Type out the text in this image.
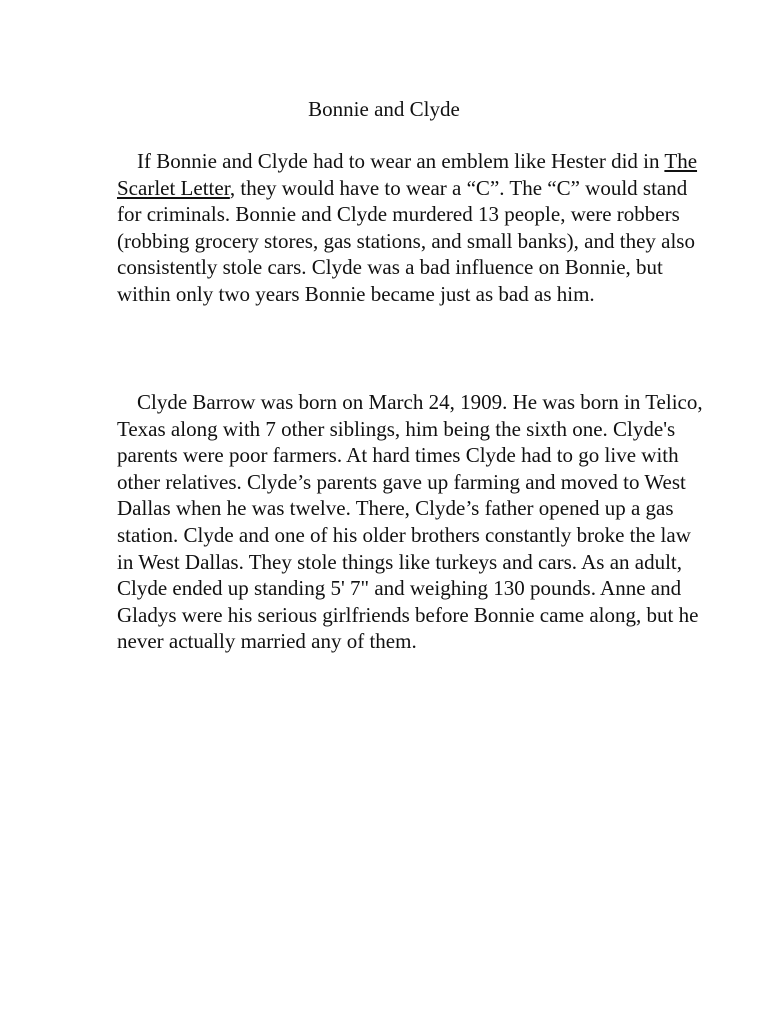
Bonnie and Clyde

If Bonnie and Clyde had to wear an emblem like Hester did in The Scarlet Letter, they would have to wear a “C”. The “C” would stand for criminals. Bonnie and Clyde murdered 13 people, were robbers (robbing grocery stores, gas stations, and small banks), and they also consistently stole cars. Clyde was a bad influence on Bonnie, but within only two years Bonnie became just as bad as him.

Clyde Barrow was born on March 24, 1909. He was born in Telico, Texas along with 7 other siblings, him being the sixth one. Clyde's parents were poor farmers. At hard times Clyde had to go live with other relatives. Clyde’s parents gave up farming and moved to West Dallas when he was twelve. There, Clyde’s father opened up a gas station. Clyde and one of his older brothers constantly broke the law in West Dallas. They stole things like turkeys and cars. As an adult, Clyde ended up standing 5' 7" and weighing 130 pounds. Anne and Gladys were his serious girlfriends before Bonnie came along, but he never actually married any of them.
